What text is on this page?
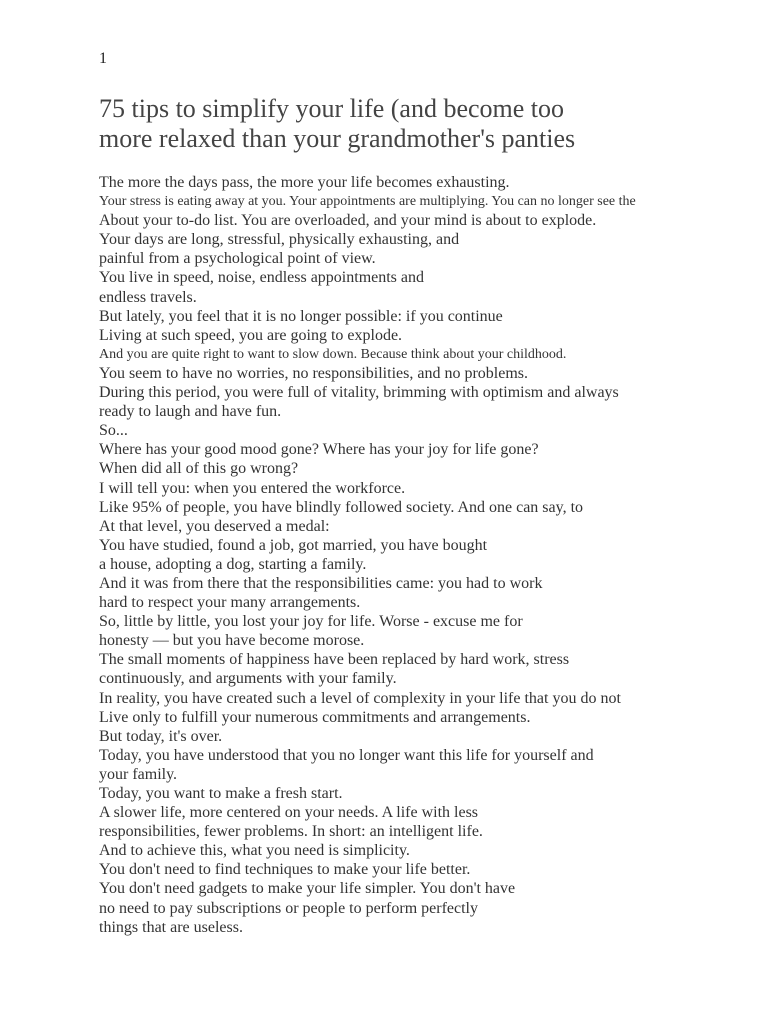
1
75 tips to simplify your life (and become too
more relaxed than your grandmother's panties
The more the days pass, the more your life becomes exhausting.
Your stress is eating away at you. Your appointments are multiplying. You can no longer see the
About your to-do list. You are overloaded, and your mind is about to explode.
Your days are long, stressful, physically exhausting, and
painful from a psychological point of view.
You live in speed, noise, endless appointments and
endless travels.
But lately, you feel that it is no longer possible: if you continue
Living at such speed, you are going to explode.
And you are quite right to want to slow down. Because think about your childhood.
You seem to have no worries, no responsibilities, and no problems.
During this period, you were full of vitality, brimming with optimism and always
ready to laugh and have fun.
So...
Where has your good mood gone? Where has your joy for life gone?
When did all of this go wrong?
I will tell you: when you entered the workforce.
Like 95% of people, you have blindly followed society. And one can say, to
At that level, you deserved a medal:
You have studied, found a job, got married, you have bought
a house, adopting a dog, starting a family.
And it was from there that the responsibilities came: you had to work
hard to respect your many arrangements.
So, little by little, you lost your joy for life. Worse - excuse me for
honesty — but you have become morose.
The small moments of happiness have been replaced by hard work, stress
continuously, and arguments with your family.
In reality, you have created such a level of complexity in your life that you do not
Live only to fulfill your numerous commitments and arrangements.
But today, it's over.
Today, you have understood that you no longer want this life for yourself and
your family.
Today, you want to make a fresh start.
A slower life, more centered on your needs. A life with less
responsibilities, fewer problems. In short: an intelligent life.
And to achieve this, what you need is simplicity.
You don't need to find techniques to make your life better.
You don't need gadgets to make your life simpler. You don't have
no need to pay subscriptions or people to perform perfectly
things that are useless.
